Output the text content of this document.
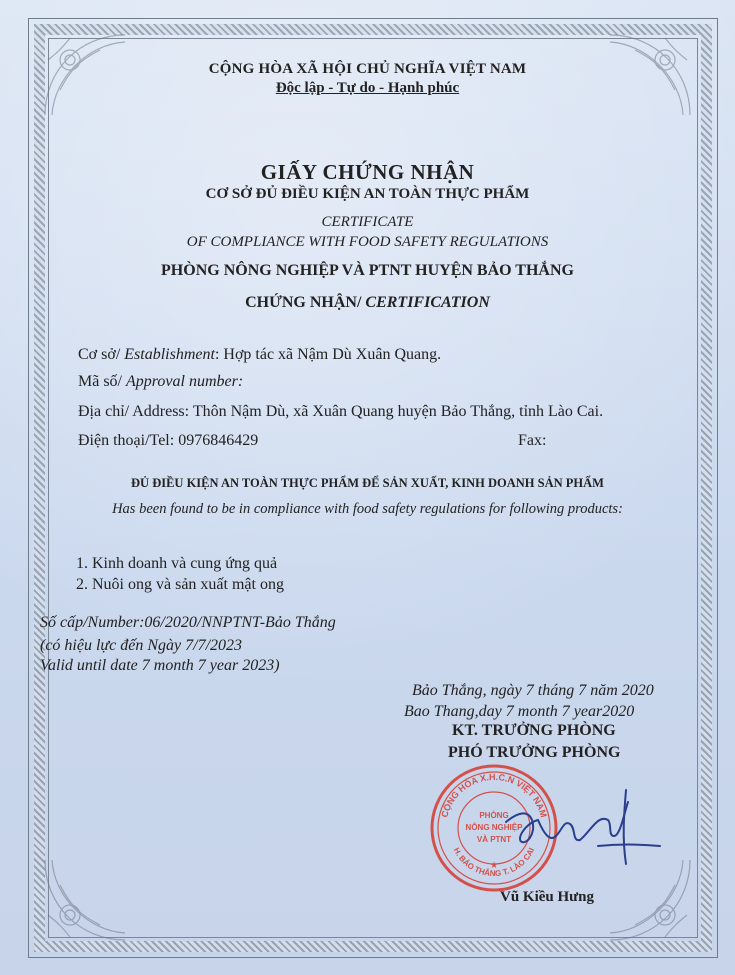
CỘNG HÒA XÃ HỘI CHỦ NGHĨA VIỆT NAM
Độc lập - Tự do - Hạnh phúc
GIẤY CHỨNG NHẬN
CƠ SỞ ĐỦ ĐIỀU KIỆN AN TOÀN THỰC PHẨM
CERTIFICATE
OF COMPLIANCE WITH FOOD SAFETY REGULATIONS
PHÒNG NÔNG NGHIỆP VÀ PTNT HUYỆN BẢO THẮNG
CHỨNG NHẬN/ CERTIFICATION
Cơ sở/ Establishment: Hợp tác xã Nậm Dù Xuân Quang.
Mã số/ Approval number:
Địa chỉ/ Address: Thôn Nậm Dù, xã Xuân Quang huyện Bảo Thắng, tỉnh Lào Cai.
Điện thoại/Tel: 0976846429	Fax:
ĐỦ ĐIỀU KIỆN AN TOÀN THỰC PHẨM ĐỂ SẢN XUẤT, KINH DOANH SẢN PHẨM
Has been found to be in compliance with food safety regulations for following products:
1. Kinh doanh và cung ứng quả
2. Nuôi ong và sản xuất mật ong
Số cấp/Number:06/2020/NNPTNT-Bảo Thắng
(có hiệu lực đến Ngày 7/7/2023
Valid until date 7 month 7 year 2023)
Bảo Thắng, ngày 7 tháng 7 năm 2020
Bao Thang,day 7 month 7 year2020
KT. TRƯỞNG PHÒNG
PHÓ TRƯỞNG PHÒNG
CỘNG HÒA X.H.C.N VIỆT NAM
H. BẢO THẮNG T. LÀO CAI
PHÒNG
NÔNG NGHIỆP
VÀ PTNT
★
Vũ Kiều Hưng
